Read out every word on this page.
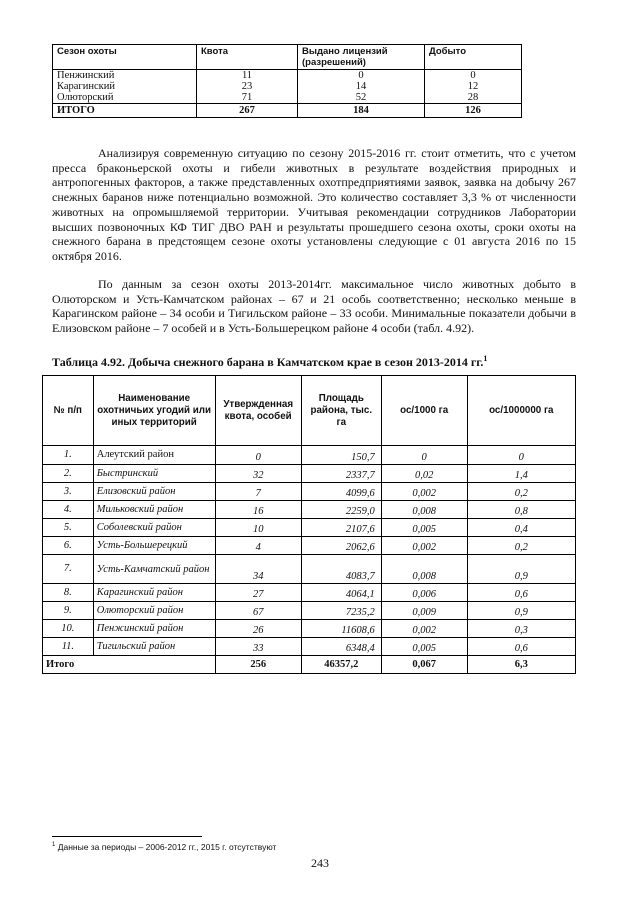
Сезон охоты	Квота	Выдано лицензий (разрешений)	Добыто
Пенжинский	11	0	0
Карагинский	23	14	12
Олюторский	71	52	28
ИТОГО	267	184	126

Анализируя современную ситуацию по сезону 2015-2016 гг. стоит отметить, что с учетом пресса браконьерской охоты и гибели животных в результате воздействия природных и антропогенных факторов, а также представленных охотпредприятиями заявок, заявка на добычу 267 снежных баранов ниже потенциально возможной. Это количество составляет 3,3 % от численности животных на опромышляемой территории. Учитывая рекомендации сотрудников Лаборатории высших позвоночных КФ ТИГ ДВО РАН и результаты прошедшего сезона охоты, сроки охоты на снежного барана в предстоящем сезоне охоты установлены следующие с 01 августа 2016 по 15 октября 2016.

По данным за сезон охоты 2013-2014гг. максимальное число животных добыто в Олюторском и Усть-Камчатском районах – 67 и 21 особь соответственно; несколько меньше в Карагинском районе – 34 особи и Тигильском районе – 33 особи. Минимальные показатели добычи в Елизовском районе – 7 особей и в Усть-Большерецком районе 4 особи (табл. 4.92).

Таблица 4.92. Добыча снежного барана в Камчатском крае в сезон 2013-2014 гг.$^1$

№ п/п	Наименование охотничьих угодий или иных территорий	Утвержденная квота, особей	Площадь района, тыс. га	ос/1000 га	ос/1000000 га
1.	Алеутский район	0	150,7	0	0
2.	Быстринский	32	2337,7	0,02	1,4
3.	Елизовский район	7	4099,6	0,002	0,2
4.	Мильковский район	16	2259,0	0,008	0,8
5.	Соболевский район	10	2107,6	0,005	0,4
6.	Усть-Большерецкий	4	2062,6	0,002	0,2
7.	Усть-Камчатский район	34	4083,7	0,008	0,9
8.	Карагинский район	27	4064,1	0,006	0,6
9.	Олюторский район	67	7235,2	0,009	0,9
10.	Пенжинский район	26	11608,6	0,002	0,3
11.	Тигильский район	33	6348,4	0,005	0,6
Итого		256	46357,2	0,067	6,3

$^1$ Данные за периоды – 2006-2012 гг., 2015 г. отсутствуют

243
